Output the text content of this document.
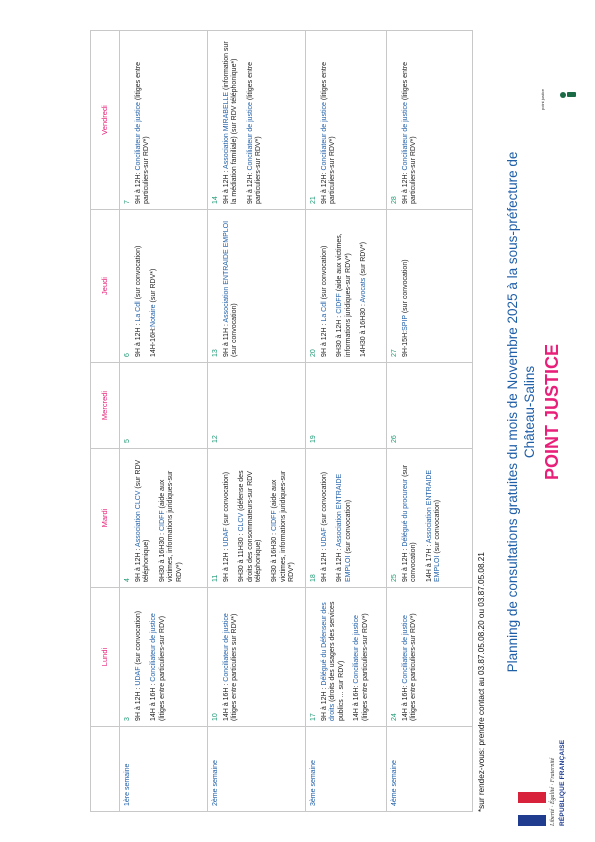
Liberté · Égalité · Fraternité RÉPUBLIQUE FRANÇAISE
POINT JUSTICE
Planning de consultations gratuites du mois de Novembre 2025 à la sous-préfecture de Château-Salins
point justice
Lundi
Mardi
Mercredi
Jeudi
Vendredi
1ère semaine
3 9H à 12H : UDAF (sur convocation)
14H à 16H : Conciliateur de justice (litiges entre particuliers-sur RDV)
4 9H à 12H : Association CLCV (sur RDV téléphonique) 9H30 à 16H30 : CIDFF (aide aux victimes, informations juridiques-sur RDV*)
5
6 9H à 12H : La Cdl (sur convocation)
14H-16H:Notaire (sur RDV*)
7 9H à 12H: Conciliateur de justice (litiges entre particuliers-sur RDV*)
2ème semaine
10 14H à 16H : Conciliateur de justice (litiges entre particuliers sur RDV*)
11 9H à 12H : UDAF (sur convocation)
9H30 à 11H30 : CLCV (défense des droits des consommateurs-sur RDV téléphonique) 9H30 à 16H30 : CIDFF (aide aux victimes, informations juridiques-sur RDV*)
12
13 9H à 11H : Association ENTRAIDE EMPLOI (sur convocation)
14 9H à 12H : Association MIRABELLE (information sur la médiation familiale) (sur RDV téléphonique*) 9H à 12H: Conciliateur de justice (litiges entre particuliers-sur RDV*)
3ème semaine
17 9H à 12H : Délégué du Défenseur des droits (droits des usagers des services publics ... sur RDV) 14H à 16H: Conciliateur de justice (litiges entre particuliers-sur RDV*)
18 9H à 12H : UDAF (sur convocation)
9H à 12H : Association ENTRAIDE EMPLOI (sur convocation)
19
20 9H à 12H : La Cdl (sur convocation)
9H30 à 12H : CIDFF (aide aux victimes, informations juridiques-sur RDV*) 14H30 à 16H30 : Avocats (sur RDV*)
21 9H à 12H: Conciliateur de justice (litiges entre particuliers-sur RDV*)
4ème semaine
24 14H à 16H: Conciliateur de justice (litiges entre particuliers-sur RDV*)
25 9H à 12H : Délégué du procureur (sur convocation) 14H à 17H : Association ENTRAIDE EMPLOI (sur convocation)
26
27 9H-15H:SPIP (sur convocation)
28 9H à 12H: Conciliateur de justice (litiges entre particuliers-sur RDV*)
*sur rendez-vous: prendre contact au 03.87.05.08.20 ou 03.87.05.08.21
